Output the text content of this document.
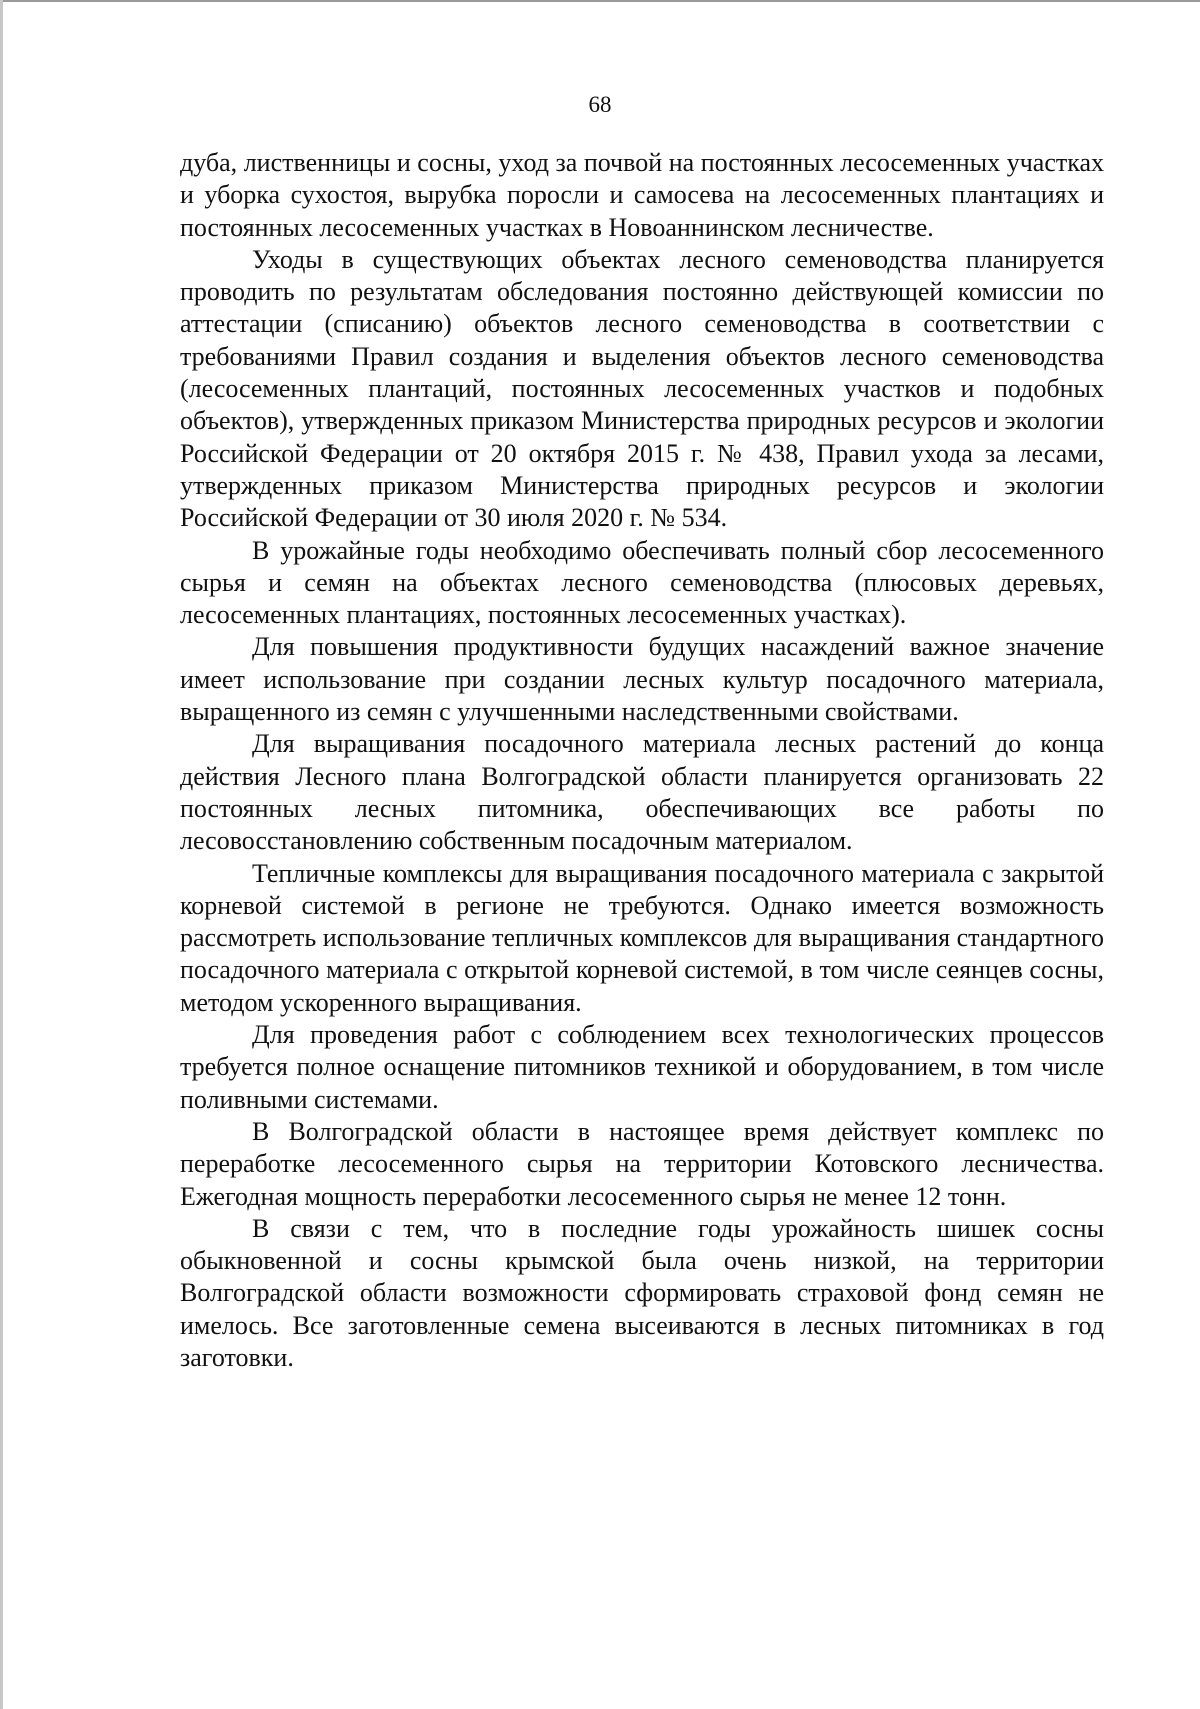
68

дуба, лиственницы и сосны, уход за почвой на постоянных лесосеменных участках и уборка сухостоя, вырубка поросли и самосева на лесосеменных плантациях и постоянных лесосеменных участках в Новоаннинском лесничестве.

Уходы в существующих объектах лесного семеноводства планируется проводить по результатам обследования постоянно действующей комиссии по аттестации (списанию) объектов лесного семеноводства в соответствии с требованиями Правил создания и выделения объектов лесного семеноводства (лесосеменных плантаций, постоянных лесосеменных участков и подобных объектов), утвержденных приказом Министерства природных ресурсов и экологии Российской Федерации от 20 октября 2015 г. № 438, Правил ухода за лесами, утвержденных приказом Министерства природных ресурсов и экологии Российской Федерации от 30 июля 2020 г. № 534.

В урожайные годы необходимо обеспечивать полный сбор лесосеменного сырья и семян на объектах лесного семеноводства (плюсовых деревьях, лесосеменных плантациях, постоянных лесосеменных участках).

Для повышения продуктивности будущих насаждений важное значение имеет использование при создании лесных культур посадочного материала, выращенного из семян с улучшенными наследственными свойствами.

Для выращивания посадочного материала лесных растений до конца действия Лесного плана Волгоградской области планируется организовать 22 постоянных лесных питомника, обеспечивающих все работы по лесовосстановлению собственным посадочным материалом.

Тепличные комплексы для выращивания посадочного материала с закрытой корневой системой в регионе не требуются. Однако имеется возможность рассмотреть использование тепличных комплексов для выращивания стандартного посадочного материала с открытой корневой системой, в том числе сеянцев сосны, методом ускоренного выращивания.

Для проведения работ с соблюдением всех технологических процессов требуется полное оснащение питомников техникой и оборудованием, в том числе поливными системами.

В Волгоградской области в настоящее время действует комплекс по переработке лесосеменного сырья на территории Котовского лесничества. Ежегодная мощность переработки лесосеменного сырья не менее 12 тонн.

В связи с тем, что в последние годы урожайность шишек сосны обыкновенной и сосны крымской была очень низкой, на территории Волгоградской области возможности сформировать страховой фонд семян не имелось. Все заготовленные семена высеиваются в лесных питомниках в год заготовки.
